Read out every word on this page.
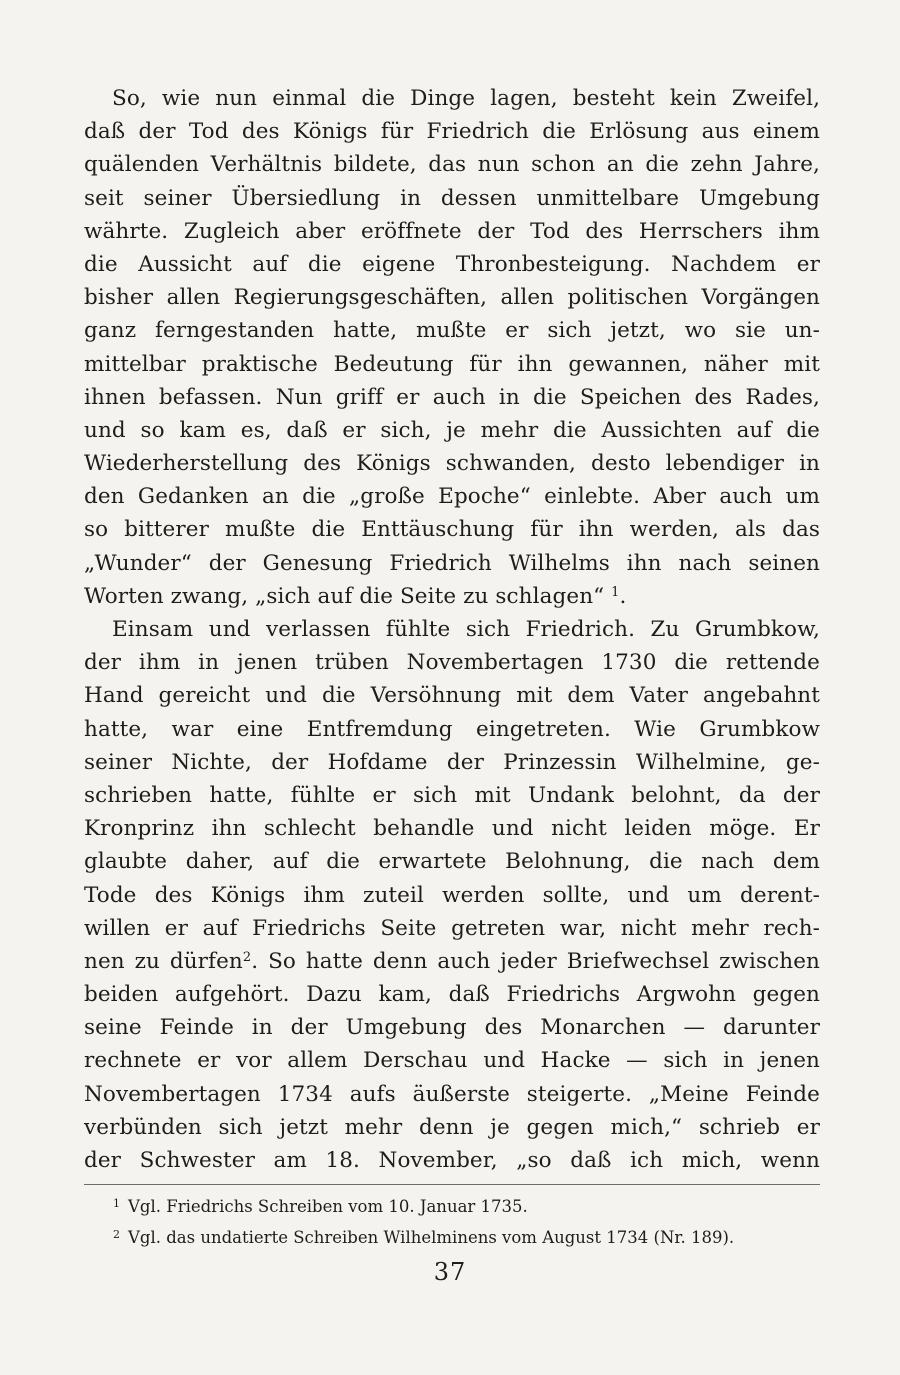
So, wie nun einmal die Dinge lagen, besteht kein Zweifel,
daß der Tod des Königs für Friedrich die Erlösung aus einem
quälenden Verhältnis bildete, das nun schon an die zehn Jahre,
seit seiner Übersiedlung in dessen unmittelbare Umgebung
währte. Zugleich aber eröffnete der Tod des Herrschers ihm
die Aussicht auf die eigene Thronbesteigung. Nachdem er
bisher allen Regierungsgeschäften, allen politischen Vorgängen
ganz ferngestanden hatte, mußte er sich jetzt, wo sie un-
mittelbar praktische Bedeutung für ihn gewannen, näher mit
ihnen befassen. Nun griff er auch in die Speichen des Rades,
und so kam es, daß er sich, je mehr die Aussichten auf die
Wiederherstellung des Königs schwanden, desto lebendiger in
den Gedanken an die „große Epoche“ einlebte. Aber auch um
so bitterer mußte die Enttäuschung für ihn werden, als das
„Wunder“ der Genesung Friedrich Wilhelms ihn nach seinen
Worten zwang, „sich auf die Seite zu schlagen“ $^1$.
Einsam und verlassen fühlte sich Friedrich. Zu Grumbkow,
der ihm in jenen trüben Novembertagen 1730 die rettende
Hand gereicht und die Versöhnung mit dem Vater angebahnt
hatte, war eine Entfremdung eingetreten. Wie Grumbkow
seiner Nichte, der Hofdame der Prinzessin Wilhelmine, ge-
schrieben hatte, fühlte er sich mit Undank belohnt, da der
Kronprinz ihn schlecht behandle und nicht leiden möge. Er
glaubte daher, auf die erwartete Belohnung, die nach dem
Tode des Königs ihm zuteil werden sollte, und um derent-
willen er auf Friedrichs Seite getreten war, nicht mehr rech-
nen zu dürfen$^2$. So hatte denn auch jeder Briefwechsel zwischen
beiden aufgehört. Dazu kam, daß Friedrichs Argwohn gegen
seine Feinde in der Umgebung des Monarchen — darunter
rechnete er vor allem Derschau und Hacke — sich in jenen
Novembertagen 1734 aufs äußerste steigerte. „Meine Feinde
verbünden sich jetzt mehr denn je gegen mich,“ schrieb er
der Schwester am 18. November, „so daß ich mich, wenn
$^1$ Vgl. Friedrichs Schreiben vom 10. Januar 1735.
$^2$ Vgl. das undatierte Schreiben Wilhelminens vom August 1734 (Nr. 189).
37
